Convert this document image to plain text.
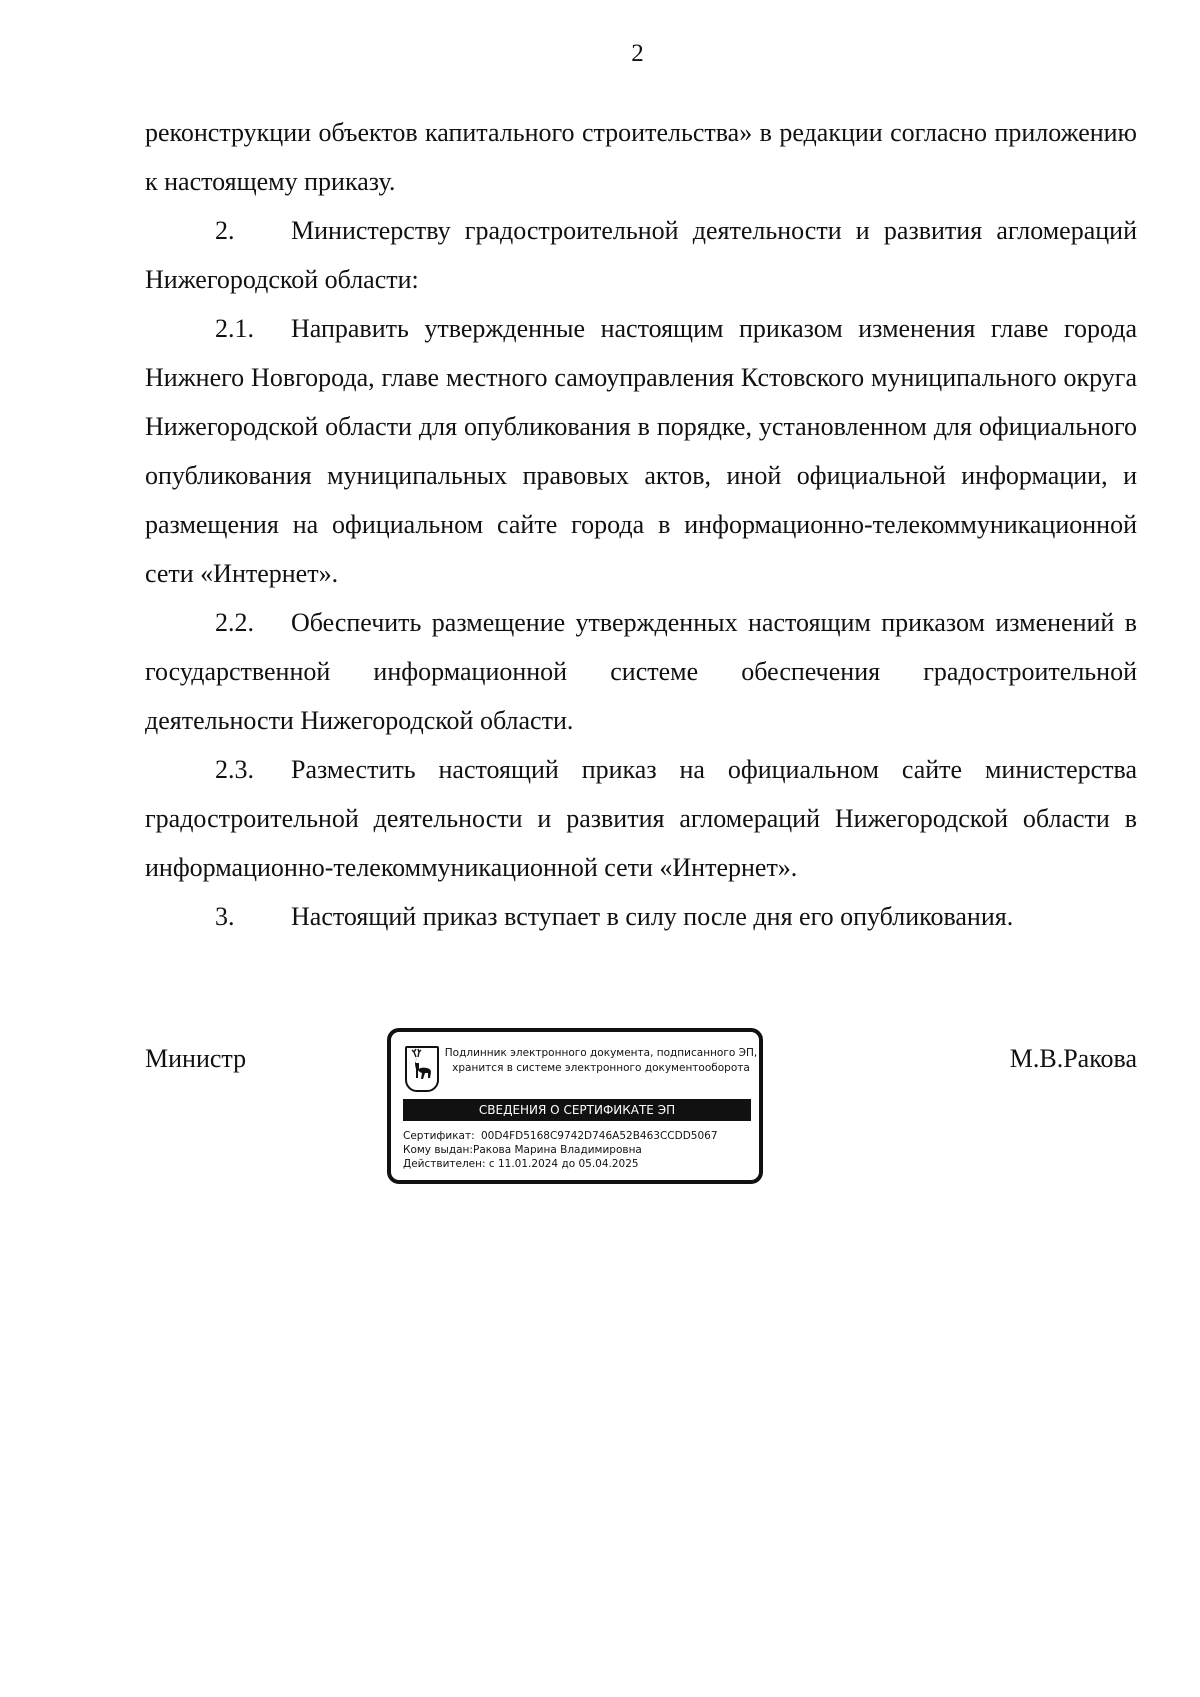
2

реконструкции объектов капитального строительства» в редакции согласно приложению к настоящему приказу.

2. Министерству градостроительной деятельности и развития агломераций Нижегородской области:

2.1. Направить утвержденные настоящим приказом изменения главе города Нижнего Новгорода, главе местного самоуправления Кстовского муниципального округа Нижегородской области для опубликования в порядке, установленном для официального опубликования муниципальных правовых актов, иной официальной информации, и размещения на официальном сайте города в информационно-телекоммуникационной сети «Интернет».

2.2. Обеспечить размещение утвержденных настоящим приказом изменений в государственной информационной системе обеспечения градостроительной деятельности Нижегородской области.

2.3. Разместить настоящий приказ на официальном сайте министерства градостроительной деятельности и развития агломераций Нижегородской области в информационно-телекоммуникационной сети «Интернет».

3. Настоящий приказ вступает в силу после дня его опубликования.

Министр	Подлинник электронного документа, подписанного ЭП,
хранится в системе электронного документооборота
СВЕДЕНИЯ О СЕРТИФИКАТЕ ЭП
Сертификат: 00D4FD5168C9742D746A52B463CCDD5067
Кому выдан:Ракова Марина Владимировна
Действителен: с 11.01.2024 до 05.04.2025
М.В.Ракова
